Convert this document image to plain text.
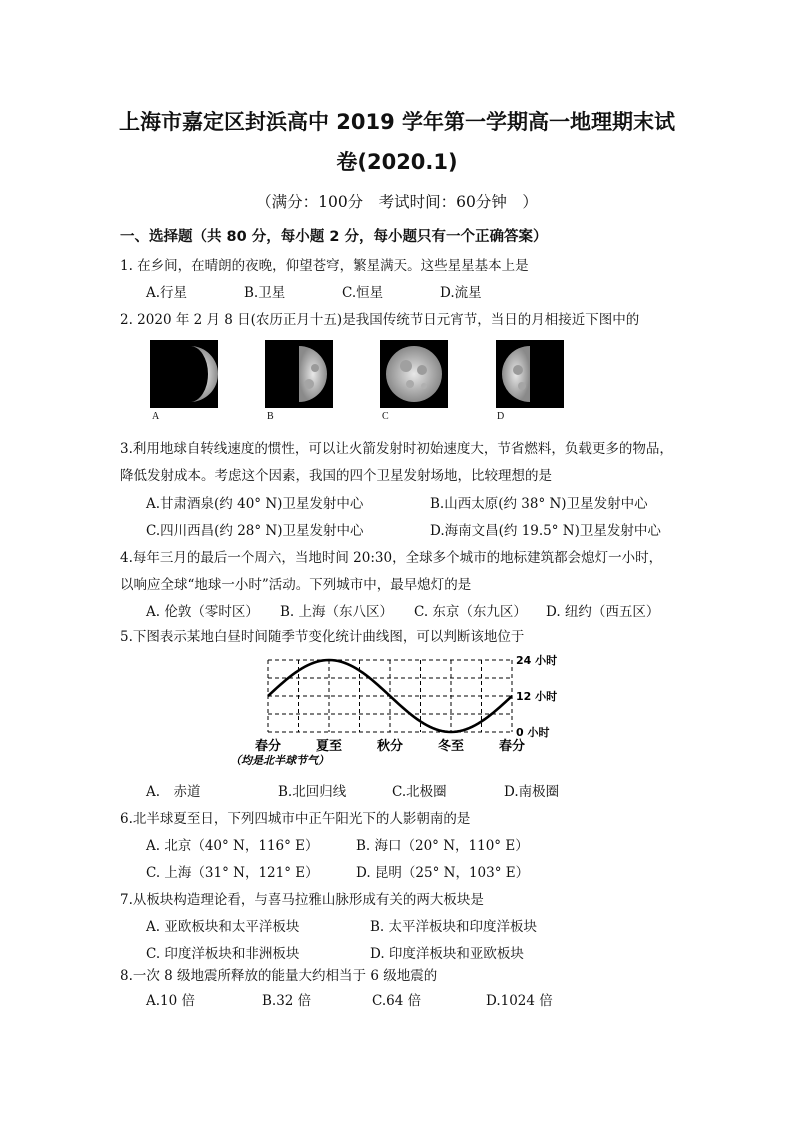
上海市嘉定区封浜高中 2019 学年第一学期高一地理期末试
卷(2020.1)
（满分：100分　考试时间：60分钟　）
一、选择题（共 80 分，每小题 2 分，每小题只有一个正确答案）
1. 在乡间，在晴朗的夜晚，仰望苍穹，繁星满天。这些星星基本上是
A.行星	B.卫星	C.恒星	D.流星
2. 2020 年 2 月 8 日(农历正月十五)是我国传统节日元宵节，当日的月相接近下图中的
A	B	C	D
3.利用地球自转线速度的惯性，可以让火箭发射时初始速度大，节省燃料，负载更多的物品，
降低发射成本。考虑这个因素，我国的四个卫星发射场地，比较理想的是
A.甘肃酒泉(约 40° N)卫星发射中心	B.山西太原(约 38° N)卫星发射中心
C.四川西昌(约 28° N)卫星发射中心	D.海南文昌(约 19.5° N)卫星发射中心
4.每年三月的最后一个周六，当地时间 20:30，全球多个城市的地标建筑都会熄灯一小时，
以响应全球“地球一小时”活动。下列城市中，最早熄灯的是
A. 伦敦（零时区） B. 上海（东八区） C. 东京（东九区） D. 纽约（西五区）
5.下图表示某地白昼时间随季节变化统计曲线图，可以判断该地位于
24 小时
12 小时
0 小时
春分	夏至	秋分	冬至	春分
（均是北半球节气）
A.　赤道	B.北回归线	C.北极圈	D.南极圈
6.北半球夏至日，下列四城市中正午阳光下的人影朝南的是
A. 北京（40° N，116° E）	B. 海口（20° N，110° E）
C. 上海（31° N，121° E）	D. 昆明（25° N，103° E）
7.从板块构造理论看，与喜马拉雅山脉形成有关的两大板块是
A. 亚欧板块和太平洋板块	B. 太平洋板块和印度洋板块
C. 印度洋板块和非洲板块	D. 印度洋板块和亚欧板块
8.一次 8 级地震所释放的能量大约相当于 6 级地震的
A.10 倍	B.32 倍	C.64 倍	D.1024 倍
